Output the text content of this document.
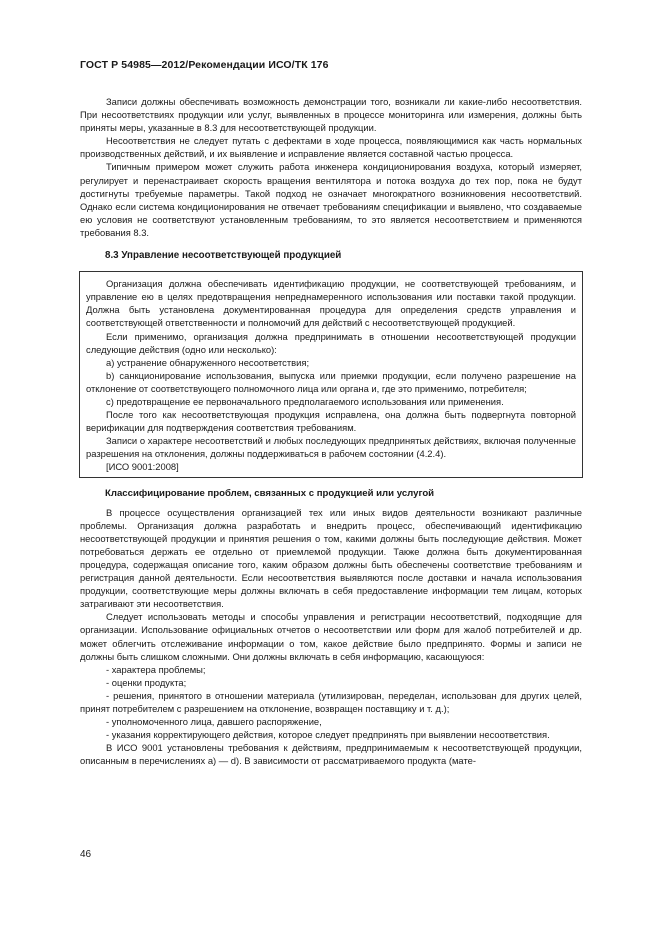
ГОСТ Р 54985—2012/Рекомендации ИСО/ТК 176

Записи должны обеспечивать возможность демонстрации того, возникали ли какие-либо несоответствия. При несоответствиях продукции или услуг, выявленных в процессе мониторинга или измерения, должны быть приняты меры, указанные в 8.3 для несоответствующей продукции.

Несоответствия не следует путать с дефектами в ходе процесса, появляющимися как часть нормальных производственных действий, и их выявление и исправление является составной частью процесса.

Типичным примером может служить работа инженера кондиционирования воздуха, который измеряет, регулирует и перенастраивает скорость вращения вентилятора и потока воздуха до тех пор, пока не будут достигнуты требуемые параметры. Такой подход не означает многократного возникновения несоответствий. Однако если система кондиционирования не отвечает требованиям спецификации и выявлено, что создаваемые ею условия не соответствуют установленным требованиям, то это является несоответствием и применяются требования 8.3.

8.3 Управление несоответствующей продукцией

Организация должна обеспечивать идентификацию продукции, не соответствующей требованиям, и управление ею в целях предотвращения непреднамеренного использования или поставки такой продукции. Должна быть установлена документированная процедура для определения средств управления и соответствующей ответственности и полномочий для действий с несоответствующей продукцией.

Если применимо, организация должна предпринимать в отношении несоответствующей продукции следующие действия (одно или несколько):

a) устранение обнаруженного несоответствия;

b) санкционирование использования, выпуска или приемки продукции, если получено разрешение на отклонение от соответствующего полномочного лица или органа и, где это применимо, потребителя;

c) предотвращение ее первоначального предполагаемого использования или применения.

После того как несоответствующая продукция исправлена, она должна быть подвергнута повторной верификации для подтверждения соответствия требованиям.

Записи о характере несоответствий и любых последующих предпринятых действиях, включая полученные разрешения на отклонения, должны поддерживаться в рабочем состоянии (4.2.4).

[ИСО 9001:2008]

Классифицирование проблем, связанных с продукцией или услугой

В процессе осуществления организацией тех или иных видов деятельности возникают различные проблемы. Организация должна разработать и внедрить процесс, обеспечивающий идентификацию несоответствующей продукции и принятия решения о том, какими должны быть последующие действия. Может потребоваться держать ее отдельно от приемлемой продукции. Также должна быть документированная процедура, содержащая описание того, каким образом должны быть обеспечены соответствие требованиям и регистрация данной деятельности. Если несоответствия выявляются после доставки и начала использования продукции, соответствующие меры должны включать в себя предоставление информации тем лицам, которых затрагивают эти несоответствия.

Следует использовать методы и способы управления и регистрации несоответствий, подходящие для организации. Использование официальных отчетов о несоответствии или форм для жалоб потребителей и др. может облегчить отслеживание информации о том, какое действие было предпринято. Формы и записи не должны быть слишком сложными. Они должны включать в себя информацию, касающуюся:

- характера проблемы;

- оценки продукта;

- решения, принятого в отношении материала (утилизирован, переделан, использован для других целей, принят потребителем с разрешением на отклонение, возвращен поставщику и т. д.);

- уполномоченного лица, давшего распоряжение,

- указания корректирующего действия, которое следует предпринять при выявлении несоответствия.

В ИСО 9001 установлены требования к действиям, предпринимаемым к несоответствующей продукции, описанным в перечислениях a) — d). В зависимости от рассматриваемого продукта (мате-

46
